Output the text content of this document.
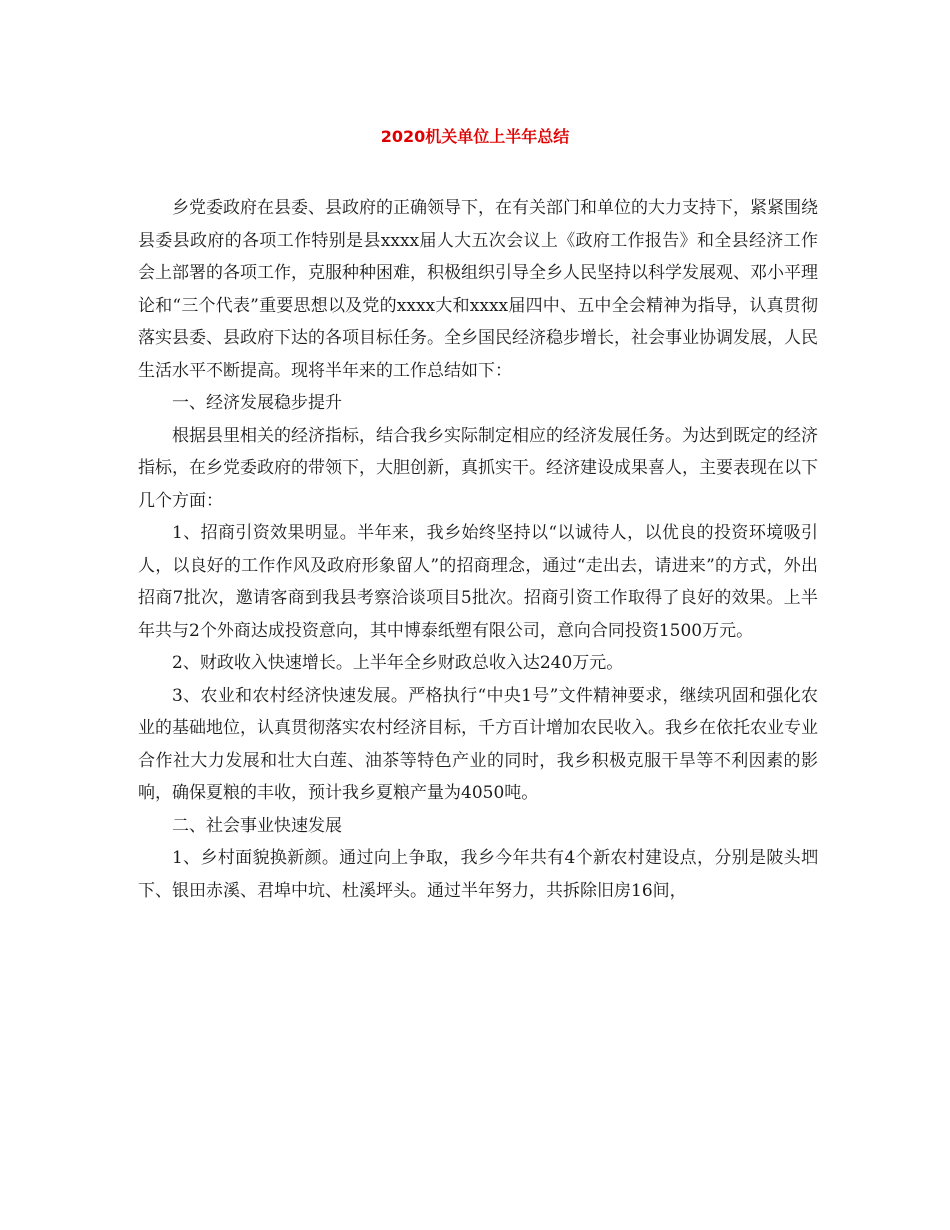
2020机关单位上半年总结

乡党委政府在县委、县政府的正确领导下，在有关部门和单位的大力支持下，紧紧围绕县委县政府的各项工作特别是县xxxx届人大五次会议上《政府工作报告》和全县经济工作会上部署的各项工作，克服种种困难，积极组织引导全乡人民坚持以科学发展观、邓小平理论和“三个代表”重要思想以及党的xxxx大和xxxx届四中、五中全会精神为指导，认真贯彻落实县委、县政府下达的各项目标任务。全乡国民经济稳步增长，社会事业协调发展，人民生活水平不断提高。现将半年来的工作总结如下：

一、经济发展稳步提升

根据县里相关的经济指标，结合我乡实际制定相应的经济发展任务。为达到既定的经济指标，在乡党委政府的带领下，大胆创新，真抓实干。经济建设成果喜人，主要表现在以下几个方面：

1、招商引资效果明显。半年来，我乡始终坚持以“以诚待人，以优良的投资环境吸引人，以良好的工作作风及政府形象留人”的招商理念，通过“走出去，请进来”的方式，外出招商7批次，邀请客商到我县考察洽谈项目5批次。招商引资工作取得了良好的效果。上半年共与2个外商达成投资意向，其中博泰纸塑有限公司，意向合同投资1500万元。

2、财政收入快速增长。上半年全乡财政总收入达240万元。

3、农业和农村经济快速发展。严格执行“中央1号”文件精神要求，继续巩固和强化农业的基础地位，认真贯彻落实农村经济目标，千方百计增加农民收入。我乡在依托农业专业合作社大力发展和壮大白莲、油茶等特色产业的同时，我乡积极克服干旱等不利因素的影响，确保夏粮的丰收，预计我乡夏粮产量为4050吨。

二、社会事业快速发展

1、乡村面貌换新颜。通过向上争取，我乡今年共有4个新农村建设点，分别是陂头垇下、银田赤溪、君埠中坑、杜溪坪头。通过半年努力，共拆除旧房16间，
